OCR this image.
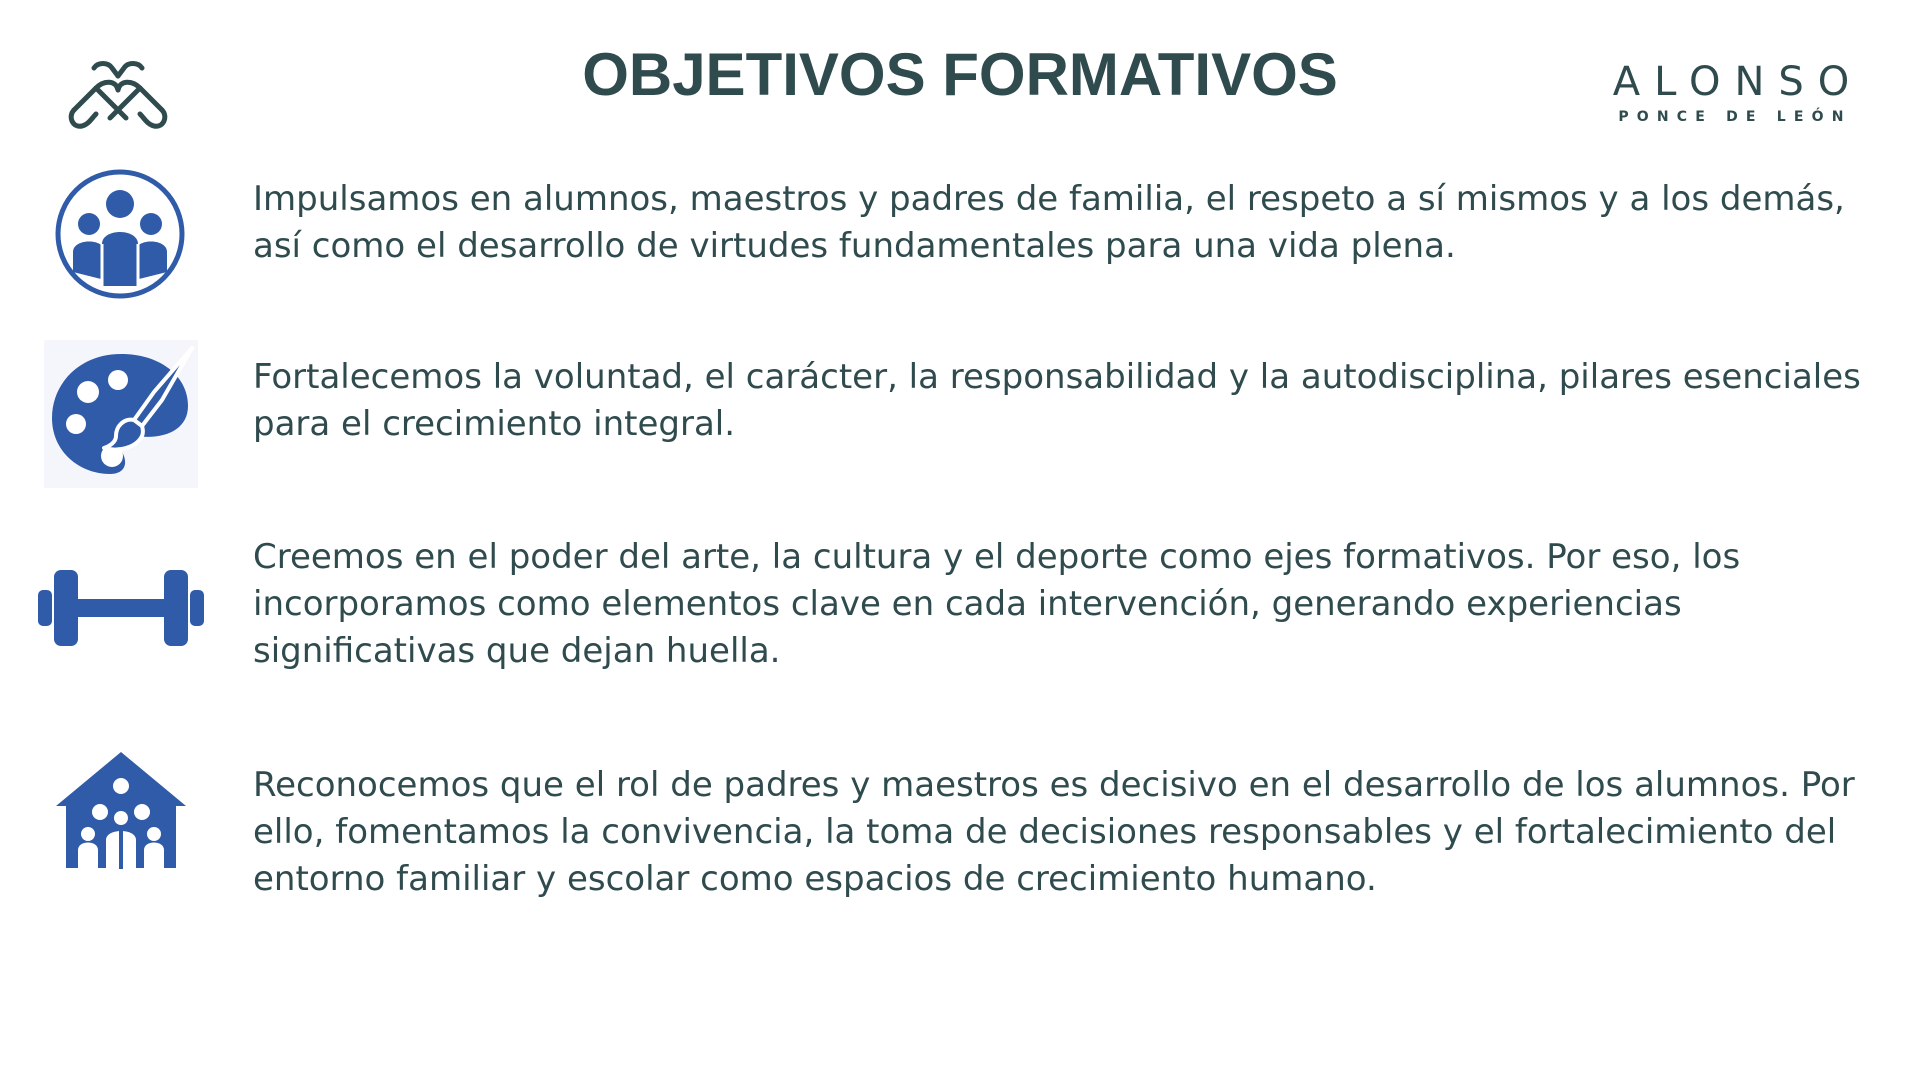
OBJETIVOS FORMATIVOS	ALONSO
PONCE DE LEÓN

Impulsamos en alumnos, maestros y padres de familia, el respeto a sí mismos y a los demás, así como el desarrollo de virtudes fundamentales para una vida plena.

Fortalecemos la voluntad, el carácter, la responsabilidad y la autodisciplina, pilares esenciales para el crecimiento integral.

Creemos en el poder del arte, la cultura y el deporte como ejes formativos. Por eso, los incorporamos como elementos clave en cada intervención, generando experiencias significativas que dejan huella.

Reconocemos que el rol de padres y maestros es decisivo en el desarrollo de los alumnos. Por ello, fomentamos la convivencia, la toma de decisiones responsables y el fortalecimiento del entorno familiar y escolar como espacios de crecimiento humano.
